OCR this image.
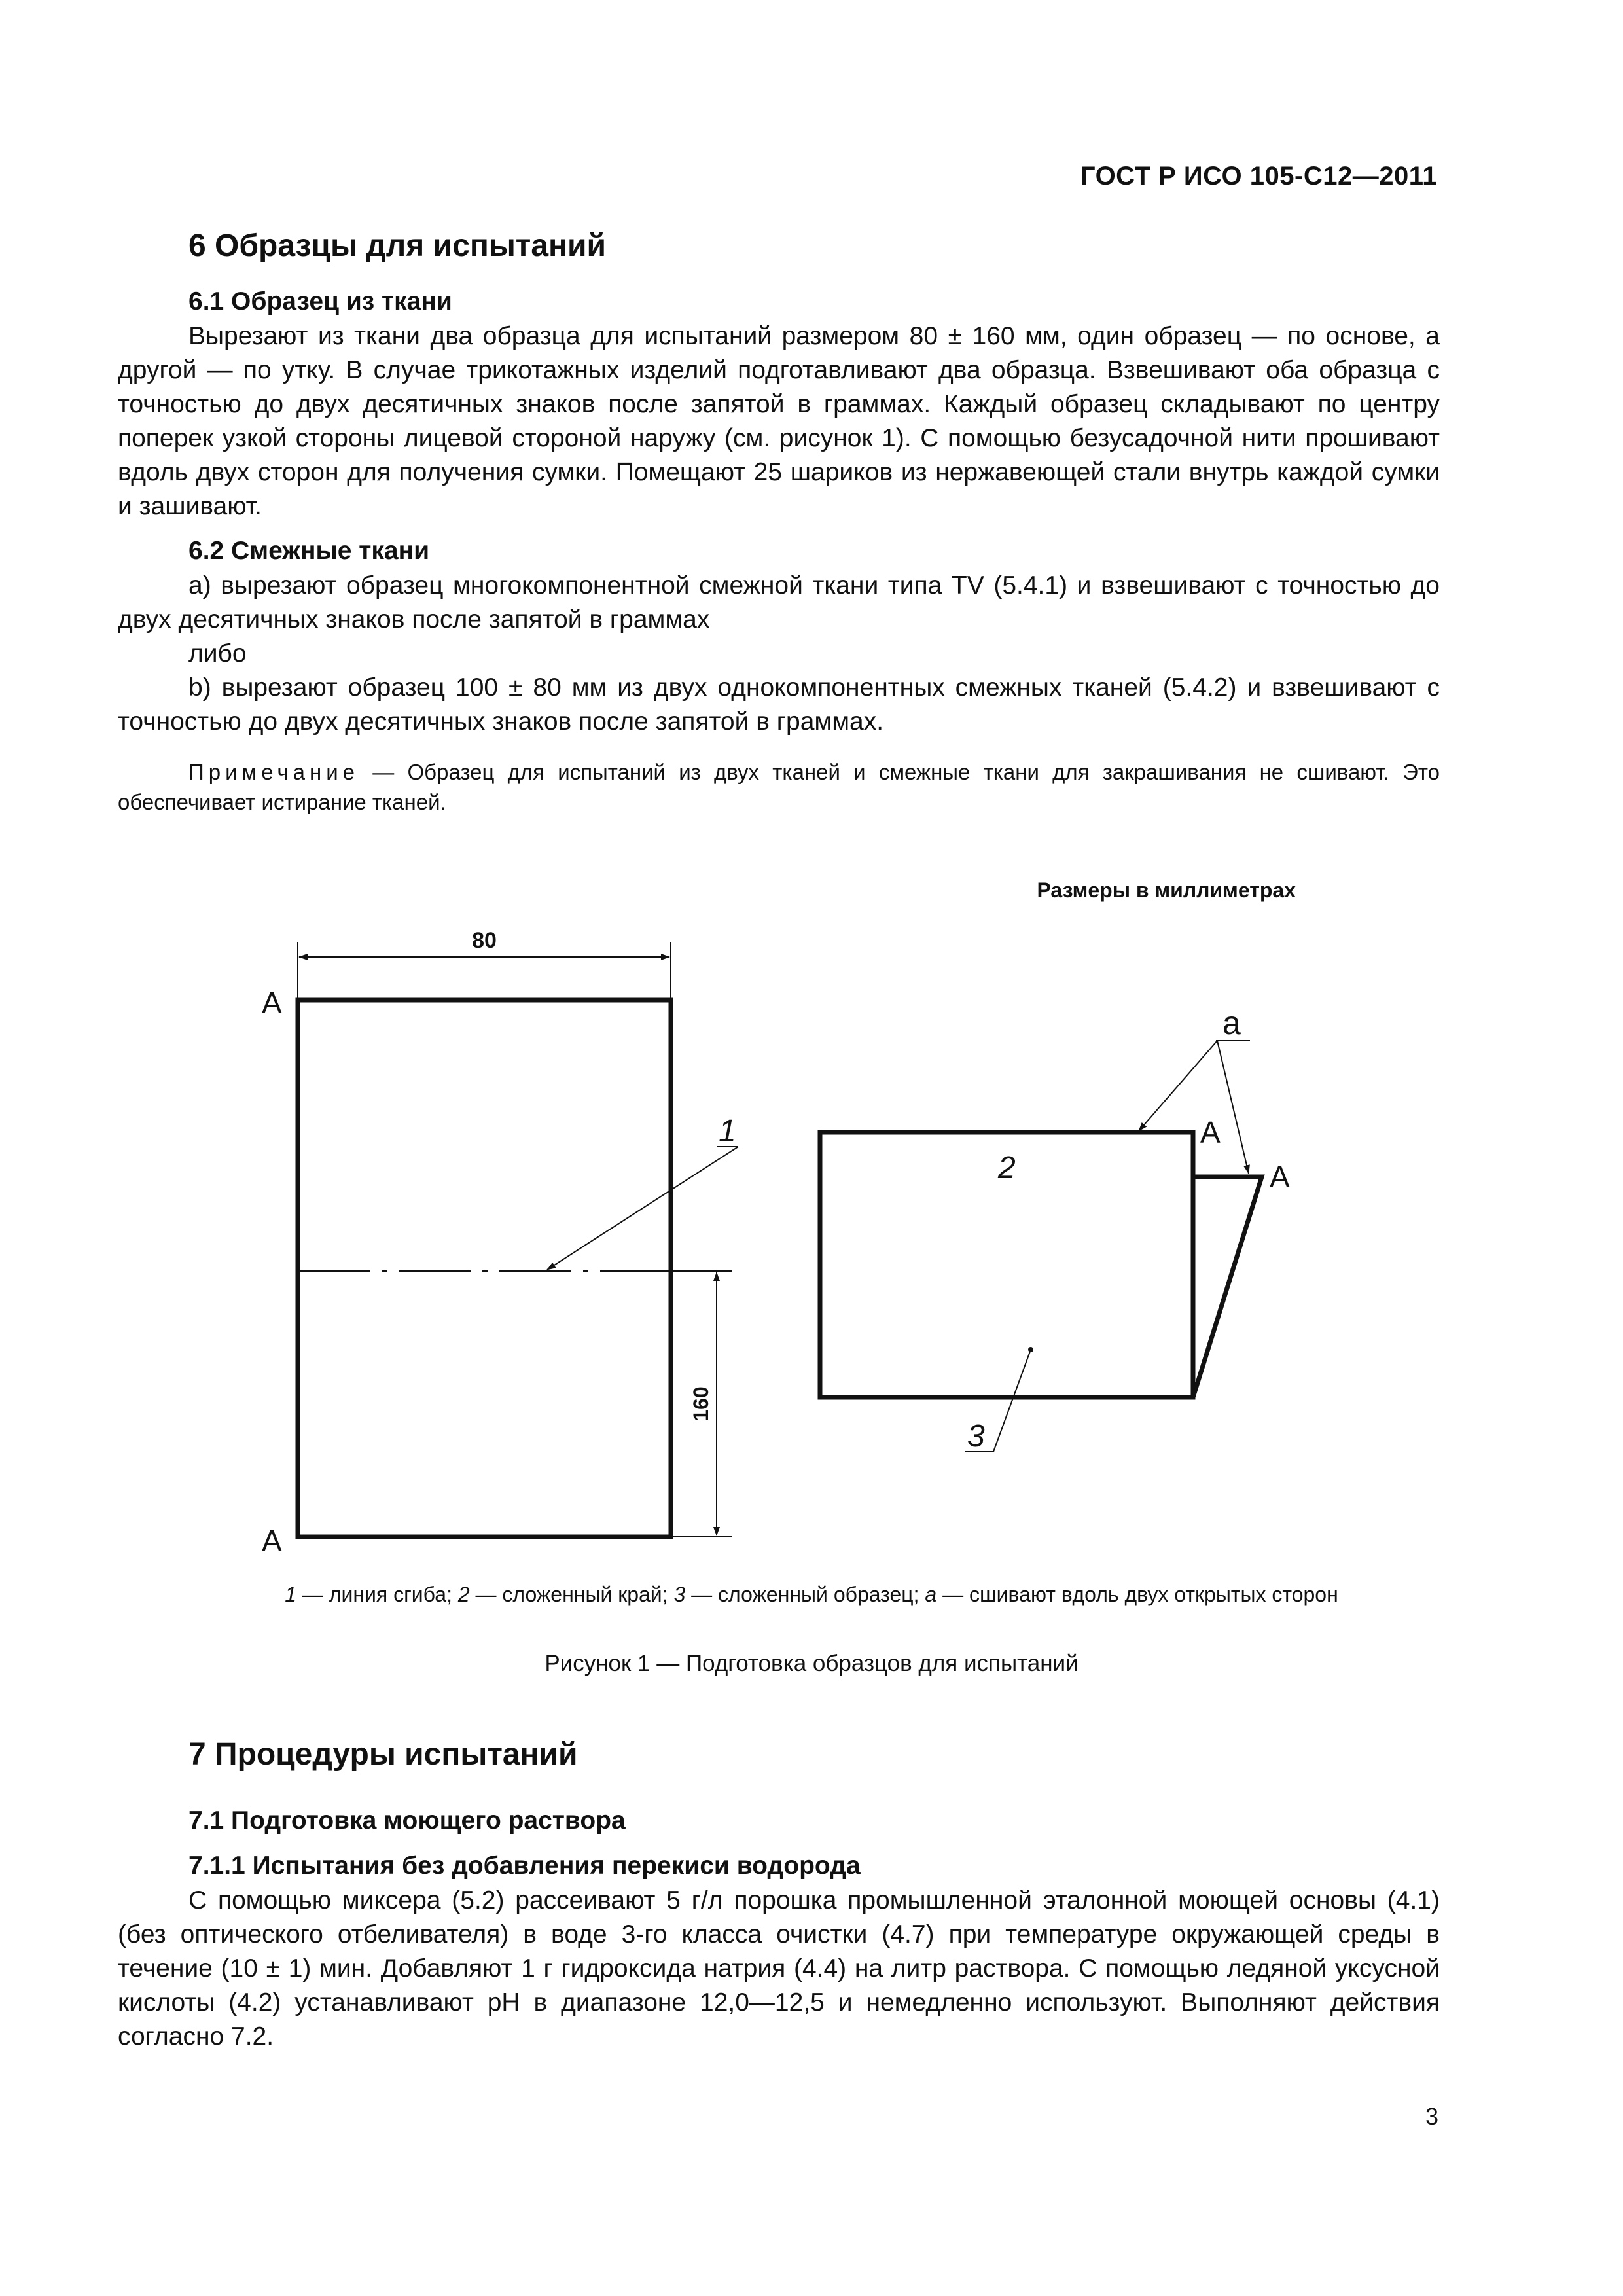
ГОСТ Р ИСО 105-С12—2011
6 Образцы для испытаний
6.1 Образец из ткани

Вырезают из ткани два образца для испытаний размером 80 ± 160 мм, один образец — по основе, а другой — по утку. В случае трикотажных изделий подготавливают два образца. Взвешивают оба образца с точностью до двух десятичных знаков после запятой в граммах. Каждый образец складывают по центру поперек узкой стороны лицевой стороной наружу (см. рисунок 1). С помощью безусадочной нити прошивают вдоль двух сторон для получения сумки. Помещают 25 шариков из нержавеющей стали внутрь каждой сумки и зашивают.

6.2 Смежные ткани

a) вырезают образец многокомпонентной смежной ткани типа TV (5.4.1) и взвешивают с точностью до двух десятичных знаков после запятой в граммах

либо

b) вырезают образец 100 ± 80 мм из двух однокомпонентных смежных тканей (5.4.2) и взвешивают с точностью до двух десятичных знаков после запятой в граммах.

Примечание — Образец для испытаний из двух тканей и смежные ткани для закрашивания не сшивают. Это обеспечивает истирание тканей.

Размеры в миллиметрах
80
160
A
A
1
a
A
A
2
3
1 — линия сгиба; 2 — сложенный край; 3 — сложенный образец; а — сшивают вдоль двух открытых сторон
Рисунок 1 — Подготовка образцов для испытаний
7 Процедуры испытаний
7.1 Подготовка моющего раствора
7.1.1 Испытания без добавления перекиси водорода

С помощью миксера (5.2) рассеивают 5 г/л порошка промышленной эталонной моющей основы (4.1) (без оптического отбеливателя) в воде 3-го класса очистки (4.7) при температуре окружающей среды в течение (10 ± 1) мин. Добавляют 1 г гидроксида натрия (4.4) на литр раствора. С помощью ледяной уксусной кислоты (4.2) устанавливают pH в диапазоне 12,0—12,5 и немедленно используют. Выполняют действия согласно 7.2.

3
